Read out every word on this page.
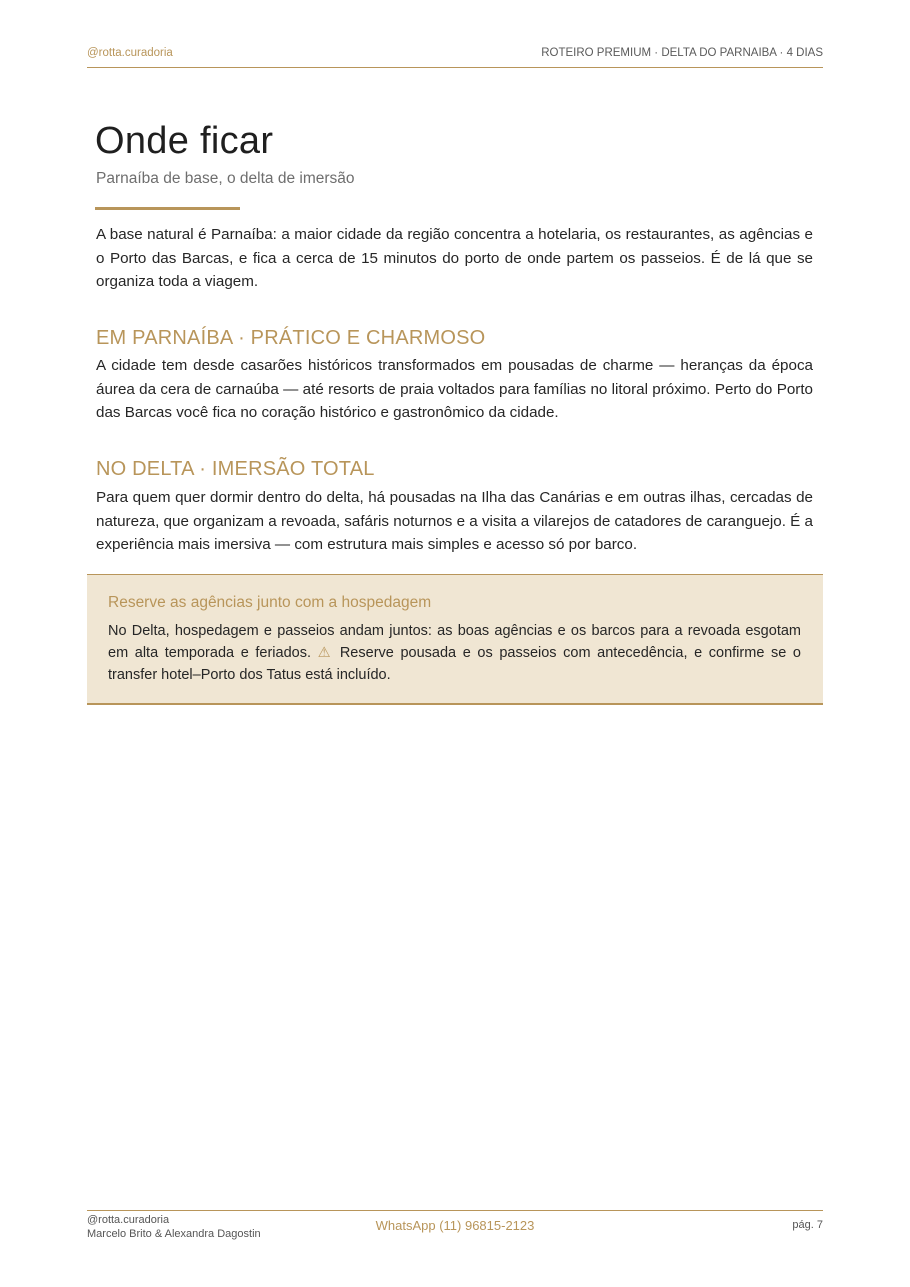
@rotta.curadoria	ROTEIRO PREMIUM · DELTA DO PARNAIBA · 4 DIAS
Onde ficar

Parnaíba de base, o delta de imersão

A base natural é Parnaíba: a maior cidade da região concentra a hotelaria, os restaurantes, as agências e o Porto das Barcas, e fica a cerca de 15 minutos do porto de onde partem os passeios. É de lá que se organiza toda a viagem.

EM PARNAÍBA · PRÁTICO E CHARMOSO

A cidade tem desde casarões históricos transformados em pousadas de charme — heranças da época áurea da cera de carnaúba — até resorts de praia voltados para famílias no litoral próximo. Perto do Porto das Barcas você fica no coração histórico e gastronômico da cidade.

NO DELTA · IMERSÃO TOTAL

Para quem quer dormir dentro do delta, há pousadas na Ilha das Canárias e em outras ilhas, cercadas de natureza, que organizam a revoada, safáris noturnos e a visita a vilarejos de catadores de caranguejo. É a experiência mais imersiva — com estrutura mais simples e acesso só por barco.

Reserve as agências junto com a hospedagem

No Delta, hospedagem e passeios andam juntos: as boas agências e os barcos para a revoada esgotam em alta temporada e feriados. ⚠ Reserve pousada e os passeios com antecedência, e confirme se o transfer hotel–Porto dos Tatus está incluído.

@rotta.curadoria
Marcelo Brito & Alexandra Dagostin
WhatsApp (11) 96815-2123	pág. 7
